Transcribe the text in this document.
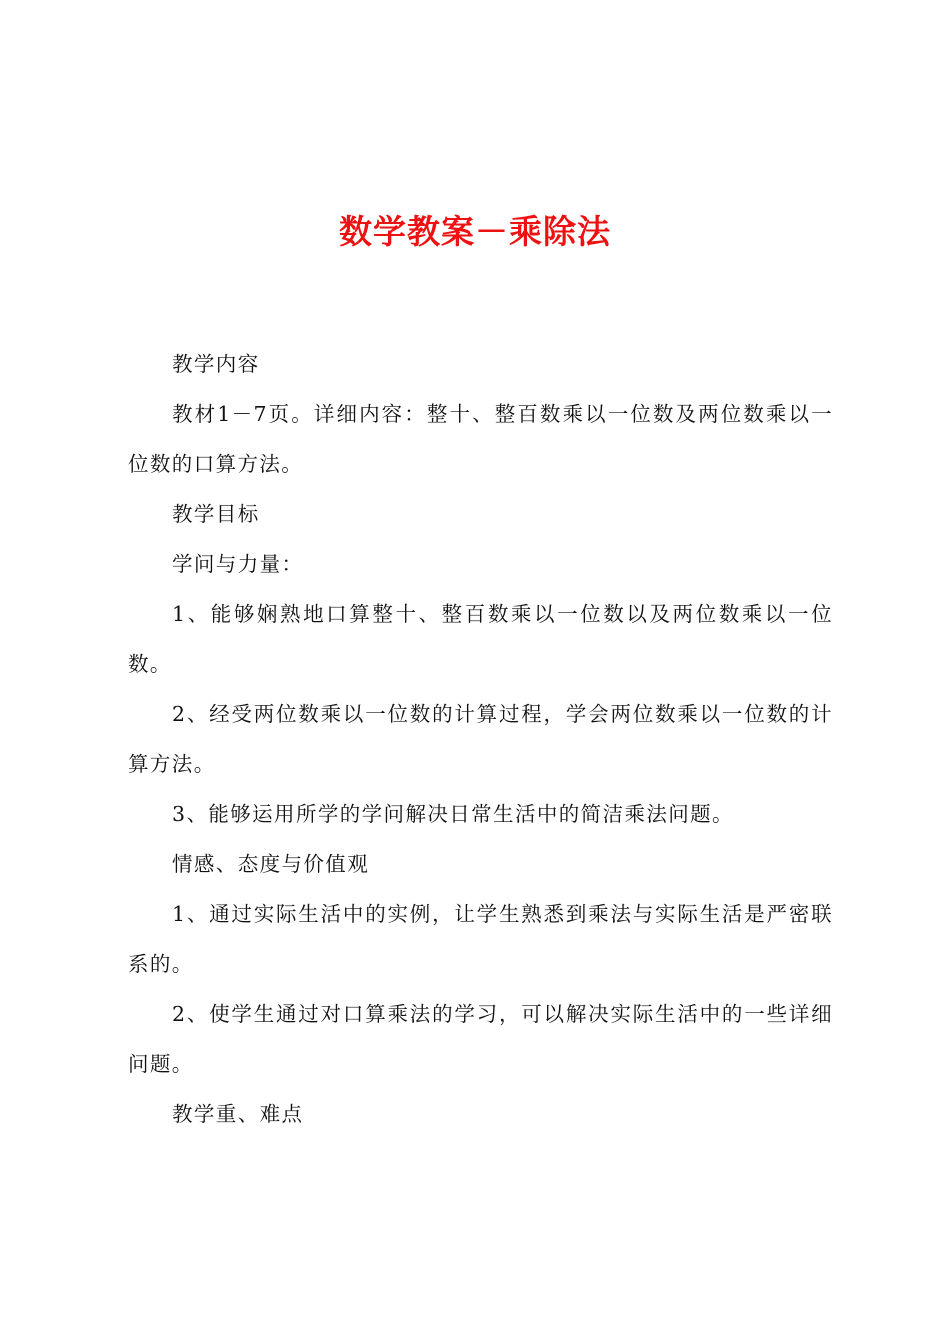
数学教案－乘除法

教学内容

教材1－7页。详细内容：整十、整百数乘以一位数及两位数乘以一位数的口算方法。

教学目标

学问与力量：

1、能够娴熟地口算整十、整百数乘以一位数以及两位数乘以一位数。

2、经受两位数乘以一位数的计算过程，学会两位数乘以一位数的计算方法。

3、能够运用所学的学问解决日常生活中的简洁乘法问题。

情感、态度与价值观

1、通过实际生活中的实例，让学生熟悉到乘法与实际生活是严密联系的。

2、使学生通过对口算乘法的学习，可以解决实际生活中的一些详细问题。

教学重、难点
